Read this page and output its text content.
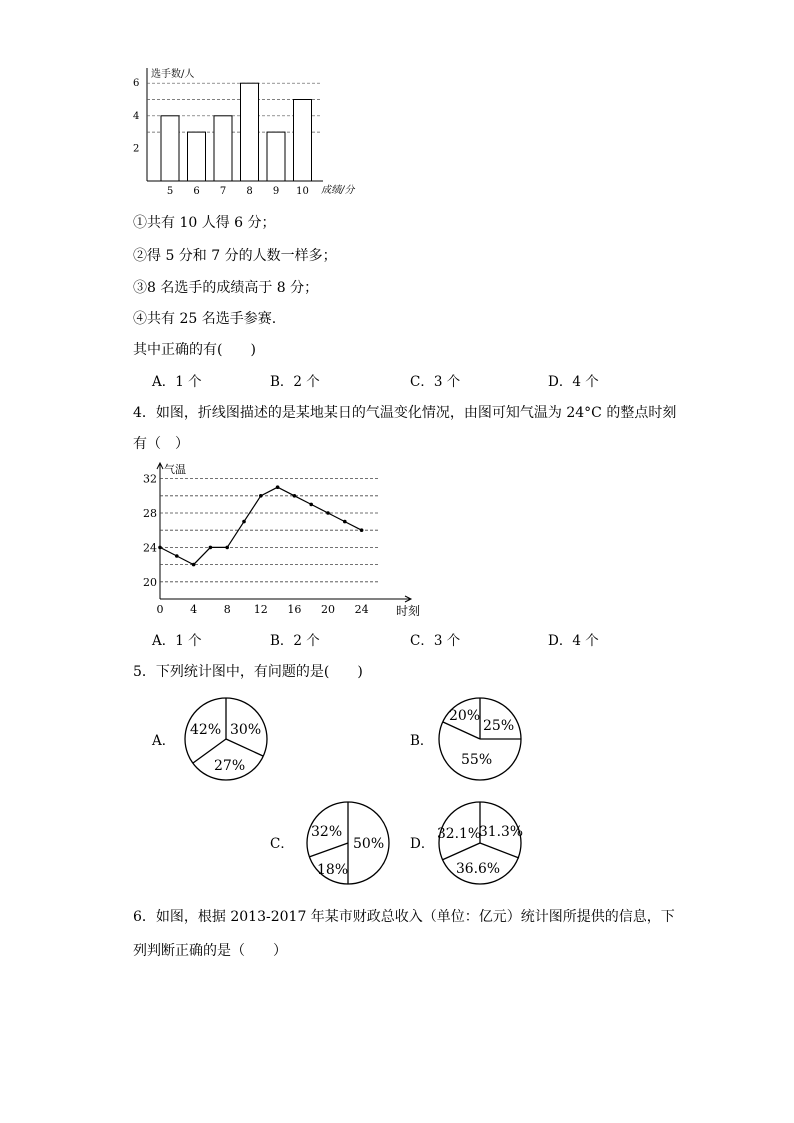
2
4
6
5 6 7 8 9 10
选手数/人
成绩/分
①共有 10 人得 6 分；
②得 5 分和 7 分的人数一样多；
③8 名选手的成绩高于 8 分；
④共有 25 名选手参赛.
其中正确的有(　　)
A．1 个	B．2 个	C．3 个	D．4 个
4．如图，折线图描述的是某地某日的气温变化情况，由图可知气温为 24°C 的整点时刻
有（　）
20
24
28
32
0 4 8 12 16 20 24
气温
时刻
A．1 个	B．2 个	C．3 个	D．4 个
5．下列统计图中，有问题的是(　　)
A．
42% 30%
27%
B．
20%
25%
55%
C．
32%
50%
18%
D．
32.1%
31.3%
36.6%
6．如图，根据 2013-2017 年某市财政总收入（单位：亿元）统计图所提供的信息，下
列判断正确的是（　　）
